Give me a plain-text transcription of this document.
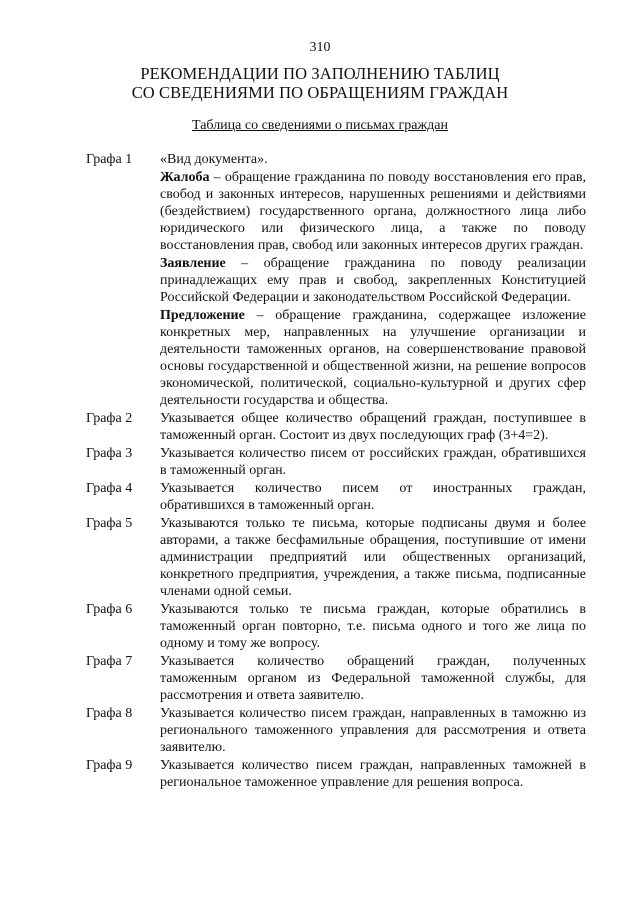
310
РЕКОМЕНДАЦИИ ПО ЗАПОЛНЕНИЮ ТАБЛИЦ
СО СВЕДЕНИЯМИ ПО ОБРАЩЕНИЯМ ГРАЖДАН
Таблица со сведениями о письмах граждан
Графа 1	«Вид документа».

Жалоба – обращение гражданина по поводу восстановления его прав, свобод и законных интересов, нарушенных решениями и действиями (бездействием) государственного органа, должностного лица либо юридического или физического лица, а также по поводу восстановления прав, свобод или законных интересов других граждан.

Заявление – обращение гражданина по поводу реализации принадлежащих ему прав и свобод, закрепленных Конституцией Российской Федерации и законодательством Российской Федерации.

Предложение – обращение гражданина, содержащее изложение конкретных мер, направленных на улучшение организации и деятельности таможенных органов, на совершенствование правовой основы государственной и общественной жизни, на решение вопросов экономической, политической, социально-культурной и других сфер деятельности государства и общества.

Графа 2	Указывается общее количество обращений граждан, поступившее в таможенный орган. Состоит из двух последующих граф (3+4=2).

Графа 3	Указывается количество писем от российских граждан, обратившихся в таможенный орган.

Графа 4	Указывается количество писем от иностранных граждан, обратившихся в таможенный орган.

Графа 5	Указываются только те письма, которые подписаны двумя и более авторами, а также бесфамильные обращения, поступившие от имени администрации предприятий или общественных организаций, конкретного предприятия, учреждения, а также письма, подписанные членами одной семьи.

Графа 6	Указываются только те письма граждан, которые обратились в таможенный орган повторно, т.е. письма одного и того же лица по одному и тому же вопросу.

Графа 7	Указывается количество обращений граждан, полученных таможенным органом из Федеральной таможенной службы, для рассмотрения и ответа заявителю.

Графа 8	Указывается количество писем граждан, направленных в таможню из регионального таможенного управления для рассмотрения и ответа заявителю.

Графа 9	Указывается количество писем граждан, направленных таможней в региональное таможенное управление для решения вопроса.
